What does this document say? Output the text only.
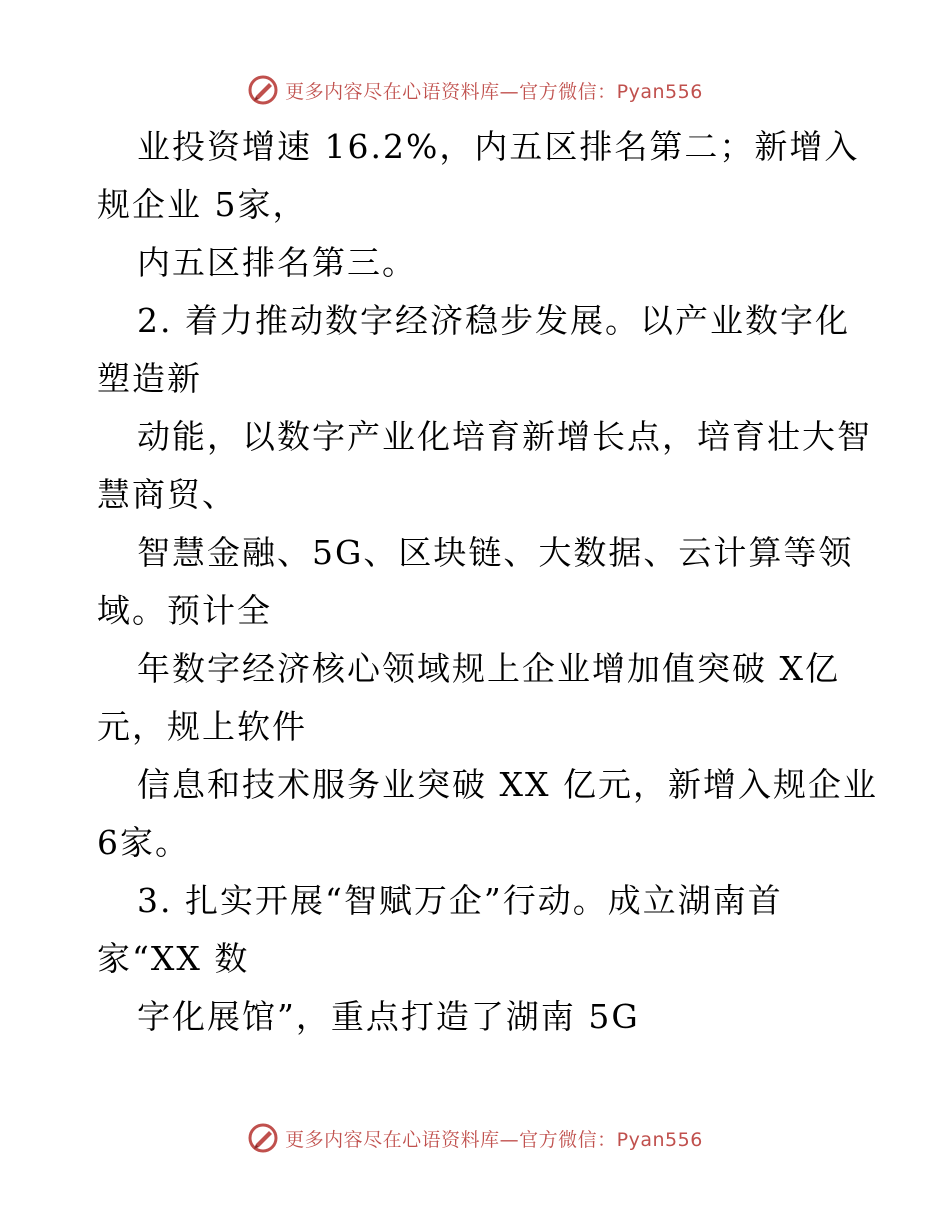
更多内容尽在心语资料库—官方微信：Pyan556
业投资增速 16.2%，内五区排名第二；新增入
规企业 5家，
内五区排名第三。
2. 着力推动数字经济稳步发展。以产业数字化
塑造新
动能，以数字产业化培育新增长点，培育壮大智
慧商贸、
智慧金融、5G、区块链、大数据、云计算等领
域。预计全
年数字经济核心领域规上企业增加值突破 X亿
元，规上软件
信息和技术服务业突破 XX 亿元，新增入规企业
6家。
3. 扎实开展“智赋万企”行动。成立湖南首
家“XX 数
字化展馆”，重点打造了湖南 5G
更多内容尽在心语资料库—官方微信：Pyan556
